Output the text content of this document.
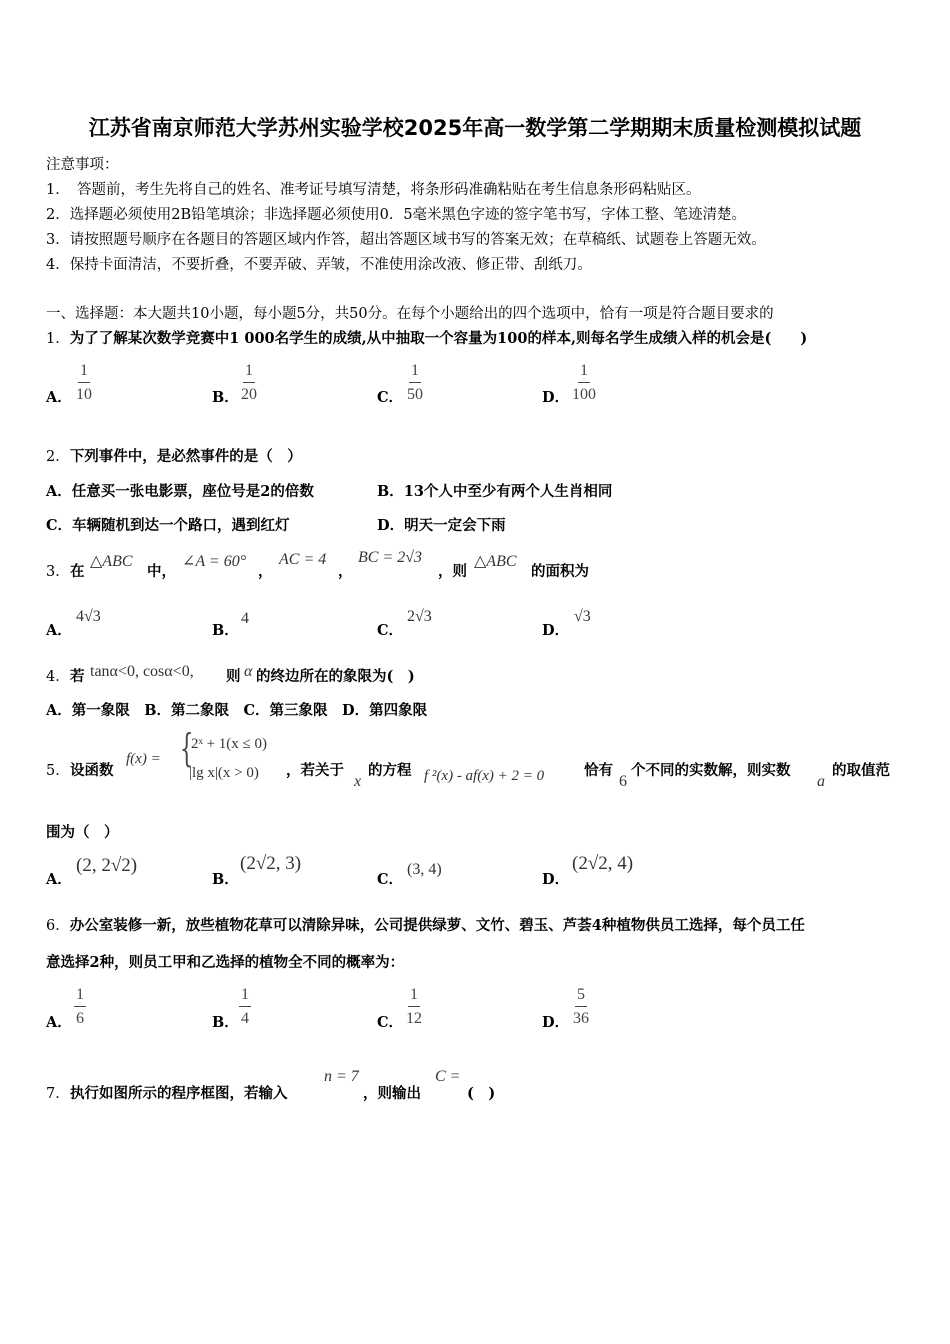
江苏省南京师范大学苏州实验学校2025年高一数学第二学期期末质量检测模拟试题
注意事项：
1．　答题前，考生先将自己的姓名、准考证号填写清楚，将条形码准确粘贴在考生信息条形码粘贴区。
2．选择题必须使用2B铅笔填涂；非选择题必须使用0．5毫米黑色字迹的签字笔书写，字体工整、笔迹清楚。
3．请按照题号顺序在各题目的答题区域内作答，超出答题区域书写的答案无效；在草稿纸、试题卷上答题无效。
4．保持卡面清洁，不要折叠，不要弄破、弄皱，不准使用涂改液、修正带、刮纸刀。
一、选择题：本大题共10小题，每小题5分，共50分。在每个小题给出的四个选项中，恰有一项是符合题目要求的
1．为了了解某次数学竞赛中1 000名学生的成绩,从中抽取一个容量为100的样本,则每名学生成绩入样的机会是(　　)
A． $\frac{1}{10}$	B． $\frac{1}{20}$	C． $\frac{1}{50}$	D． $\frac{1}{100}$
2．下列事件中，是必然事件的是（　）
A．任意买一张电影票，座位号是2的倍数	B．13个人中至少有两个人生肖相同
C．车辆随机到达一个路口，遇到红灯	D．明天一定会下雨
3． 在
△ABC
中，
∠A = 60°
，
AC = 4
，
BC = 2√3
，则
△ABC
的面积为
A．
4√3
B．
4
C．
2√3
D．
√3
4． 若 tanα<0, cosα<0, 则 α 的终边所在的象限为(　)
A．第一象限　B．第二象限　C．第三象限　D．第四象限
5． 设函数
f(x) = {
2ˣ + 1(x ≤ 0)
|lg x|(x > 0) ，若关于
x
的方程 f ²(x) - af(x) + 2 = 0	恰有
6
个不同的实数解，则实数
a
的取值范
围为（　）
A．
(2, 2√2)
B．
(2√2, 3)
C．
(3, 4)
D．
(2√2, 4)
6．办公室装修一新，放些植物花草可以清除异味，公司提供绿萝、文竹、碧玉、芦荟4种植物供员工选择，每个员工任
意选择2种，则员工甲和乙选择的植物全不同的概率为：
A． $\frac{1}{6}$	B． $\frac{1}{4}$	C． $\frac{1}{12}$	D． $\frac{5}{36}$
7． 执行如图所示的程序框图，若输入
n = 7
，则输出
C =
(　)
